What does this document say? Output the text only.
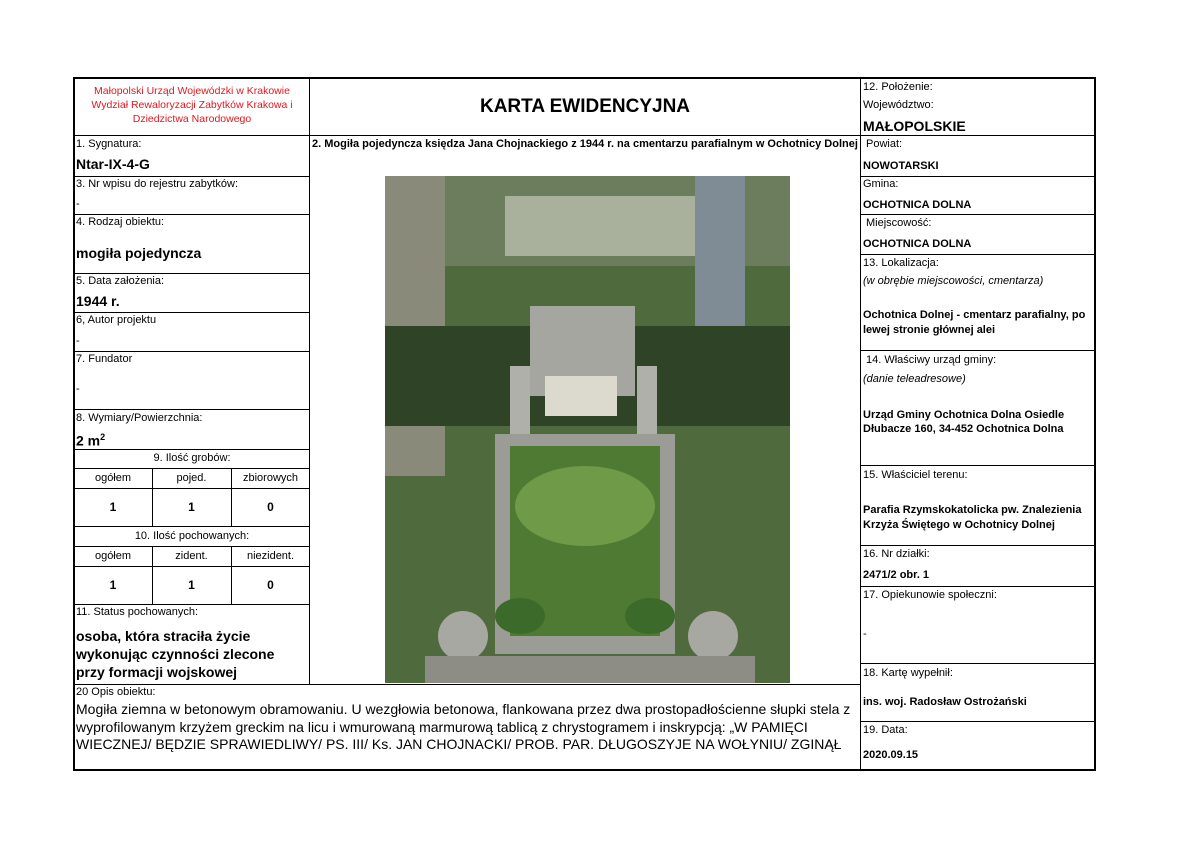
Małopolski Urząd Wojewódzki w Krakowie Wydział Rewaloryzacji Zabytków Krakowa i Dziedzictwa Narodowego
1. Sygnatura:
Ntar-IX-4-G
3. Nr wpisu do rejestru zabytków:
-
4. Rodzaj obiektu:
mogiła pojedyncza
5. Data założenia:
1944 r.
6, Autor projektu
-
7. Fundator
-
8. Wymiary/Powierzchnia:
2 $m^2$
9. Ilość grobów:
ogółem	pojed.	zbiorowych
1	1	0
10. Ilość pochowanych:
ogółem	zident.	niezident.
1	1	0
11. Status pochowanych:
osoba, która straciła życie wykonując czynności zlecone przy formacji wojskowej
KARTA EWIDENCYJNA
2. Mogiła pojedyncza księdza Jana Chojnackiego z 1944 r. na cmentarzu parafialnym w Ochotnicy Dolnej
20 Opis obiektu:
Mogiła ziemna w betonowym obramowaniu. U wezgłowia betonowa, flankowana przez dwa prostopadłościenne słupki stela z wyprofilowanym krzyżem greckim na licu i wmurowaną marmurową tablicą z chrystogramem i inskrypcją: „W PAMIĘCI WIECZNEJ/ BĘDZIE SPRAWIEDLIWY/ PS. III/ Ks. JAN CHOJNACKI/ PROB. PAR. DŁUGOSZYJE NA WOŁYNIU/ ZGINĄŁ
12. Położenie:
Województwo:
MAŁOPOLSKIE
Powiat:
NOWOTARSKI
Gmina:
OCHOTNICA DOLNA
Miejscowość:
OCHOTNICA DOLNA
13. Lokalizacja:
(w obrębie miejscowości, cmentarza)
Ochotnica Dolnej - cmentarz parafialny, po lewej stronie głównej alei
14. Właściwy urząd gminy:
(danie teleadresowe)
Urząd Gminy Ochotnica Dolna Osiedle Dłubacze 160, 34-452 Ochotnica Dolna
15. Właściciel terenu:
Parafia Rzymskokatolicka pw. Znalezienia Krzyża Świętego w Ochotnicy Dolnej
16. Nr działki:
2471/2 obr. 1
17. Opiekunowie społeczni:
-
18. Kartę wypełnił:
ins. woj. Radosław Ostrożański
19. Data:
2020.09.15
